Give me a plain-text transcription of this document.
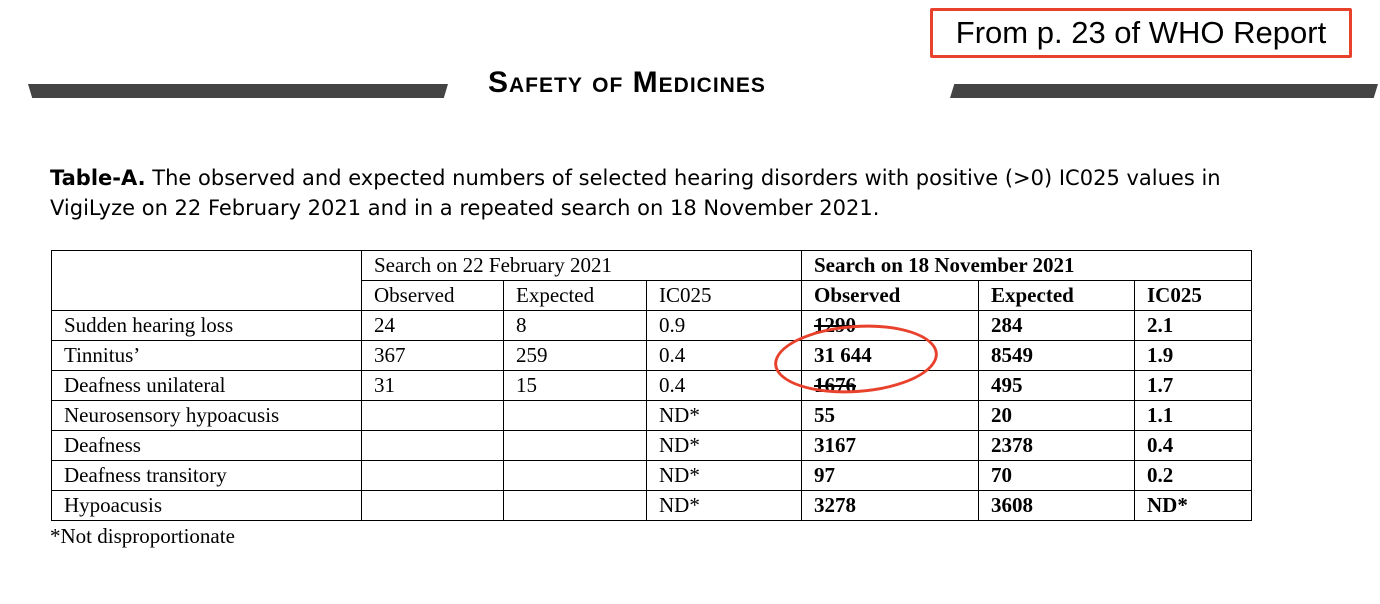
From p. 23 of WHO Report
Safety of Medicines
Table-A. The observed and expected numbers of selected hearing disorders with positive (>0) IC025 values in VigiLyze on 22 February 2021 and in a repeated search on 18 November 2021.
	Search on 22 February 2021			Search on 18 November 2021		
	Observed	Expected	IC025	Observed	Expected	IC025
Sudden hearing loss	24	8	0.9	1290	284	2.1
Tinnitus’	367	259	0.4	31 644	8549	1.9
Deafness unilateral	31	15	0.4	1676	495	1.7
Neurosensory hypoacusis			ND*	55	20	1.1
Deafness			ND*	3167	2378	0.4
Deafness transitory			ND*	97	70	0.2
Hypoacusis			ND*	3278	3608	ND*
*Not disproportionate
